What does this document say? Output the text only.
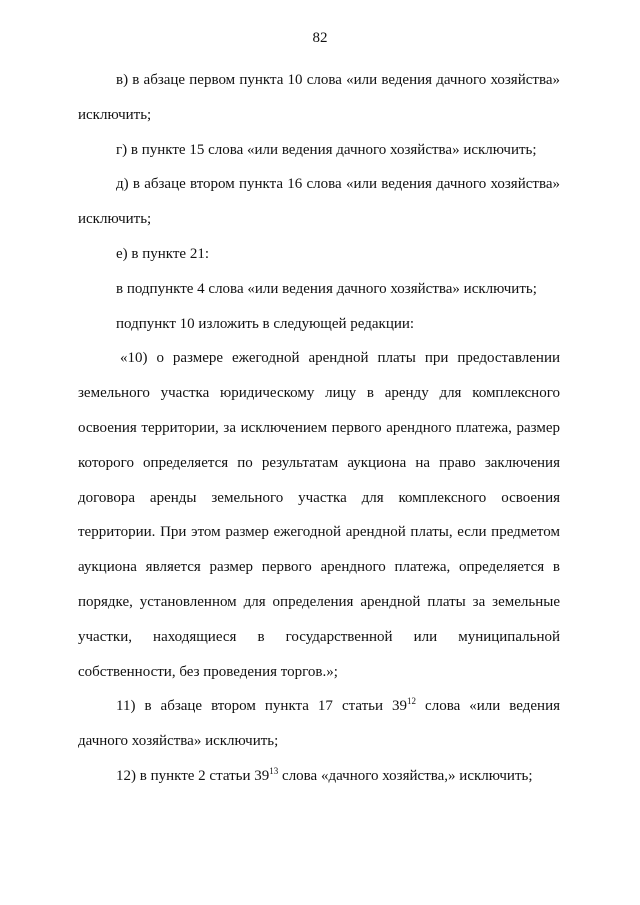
82

в) в абзаце первом пункта 10 слова «или ведения дачного хозяйства» исключить;

г) в пункте 15 слова «или ведения дачного хозяйства» исключить;

д) в абзаце втором пункта 16 слова «или ведения дачного хозяйства» исключить;

е) в пункте 21:

в подпункте 4 слова «или ведения дачного хозяйства» исключить;

подпункт 10 изложить в следующей редакции:

«10) о размере ежегодной арендной платы при предоставлении земельного участка юридическому лицу в аренду для комплексного освоения территории, за исключением первого арендного платежа, размер которого определяется по результатам аукциона на право заключения договора аренды земельного участка для комплексного освоения территории. При этом размер ежегодной арендной платы, если предметом аукциона является размер первого арендного платежа, определяется в порядке, установленном для определения арендной платы за земельные участки, находящиеся в государственной или муниципальной собственности, без проведения торгов.»;

11) в абзаце втором пункта 17 статьи $39^{12}$ слова «или ведения дачного хозяйства» исключить;

12) в пункте 2 статьи $39^{13}$ слова «дачного хозяйства,» исключить;
